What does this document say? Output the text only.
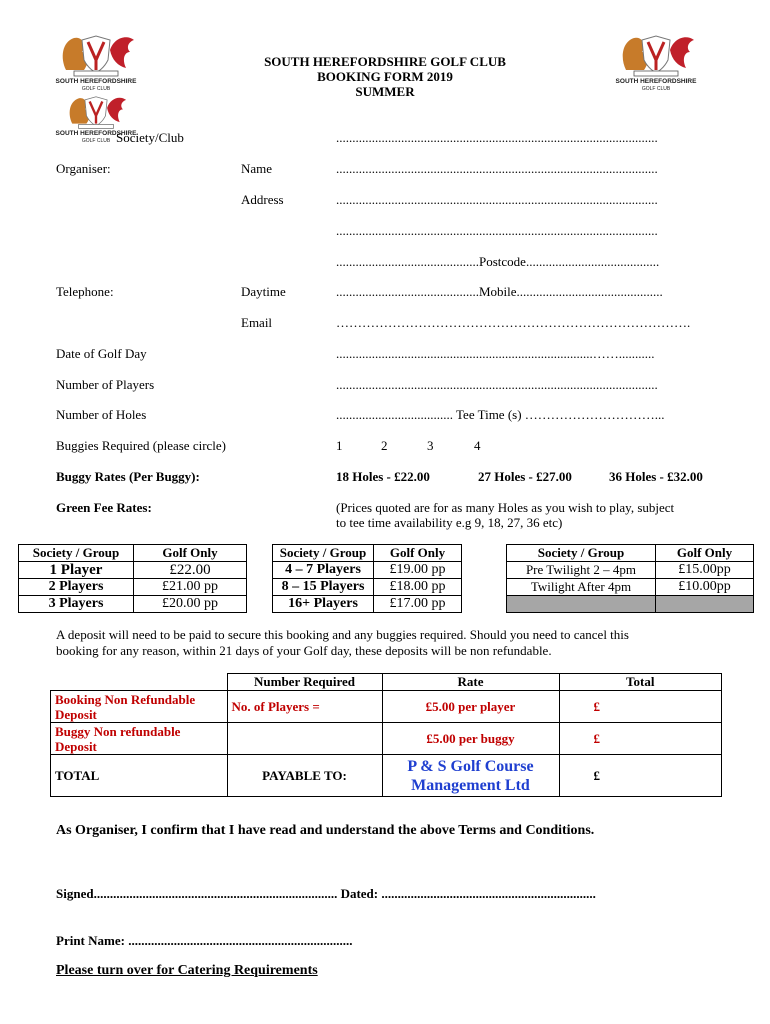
SOUTH HEREFORDSHIRE
GOLF CLUB
SOUTH HEREFORDSHIRE
GOLF CLUB
SOUTH HEREFORDSHIRE
GOLF CLUB
SOUTH HEREFORDSHIRE GOLF CLUB
BOOKING FORM 2019
SUMMER
Society/Club	...................................................................................................
Organiser:	Name	...................................................................................................
Address	...................................................................................................
...................................................................................................
............................................Postcode.........................................
Telephone:	Daytime	............................................Mobile.............................................
Email	……………………………………………………………………….
Date of Golf Day	...............................................................................……...........
Number of Players	...................................................................................................
Number of Holes	.................................... Tee Time (s) …………………………...
Buggies Required (please circle)	1	2	3	4
Buggy Rates (Per Buggy):	18 Holes - £22.00	27 Holes - £27.00	36 Holes - £32.00
Green Fee Rates:	(Prices quoted are for as many Holes as you wish to play, subject
to tee time availability e.g 9, 18, 27, 36 etc)
Society / Group	Golf Only
1 Player	£22.00
2 Players	£21.00 pp
3 Players	£20.00 pp
Society / Group	Golf Only
4 – 7 Players	£19.00 pp
8 – 15 Players	£18.00 pp
16+ Players	£17.00 pp
Society / Group	Golf Only
Pre Twilight 2 – 4pm	£15.00pp
Twilight After 4pm	£10.00pp

A deposit will need to be paid to secure this booking and any buggies required. Should you need to cancel this
booking for any reason, within 21 days of your Golf day, these deposits will be non refundable.
	Number Required	Rate	Total
Booking Non Refundable Deposit	No. of Players =	£5.00 per player	£
Buggy Non refundable Deposit		£5.00 per buggy	£
TOTAL	PAYABLE TO:	P & S Golf Course
Management Ltd	£
As Organiser, I confirm that I have read and understand the above Terms and Conditions.
Signed........................................................................... Dated: ..................................................................
Print Name: .....................................................................
Please turn over for Catering Requirements
